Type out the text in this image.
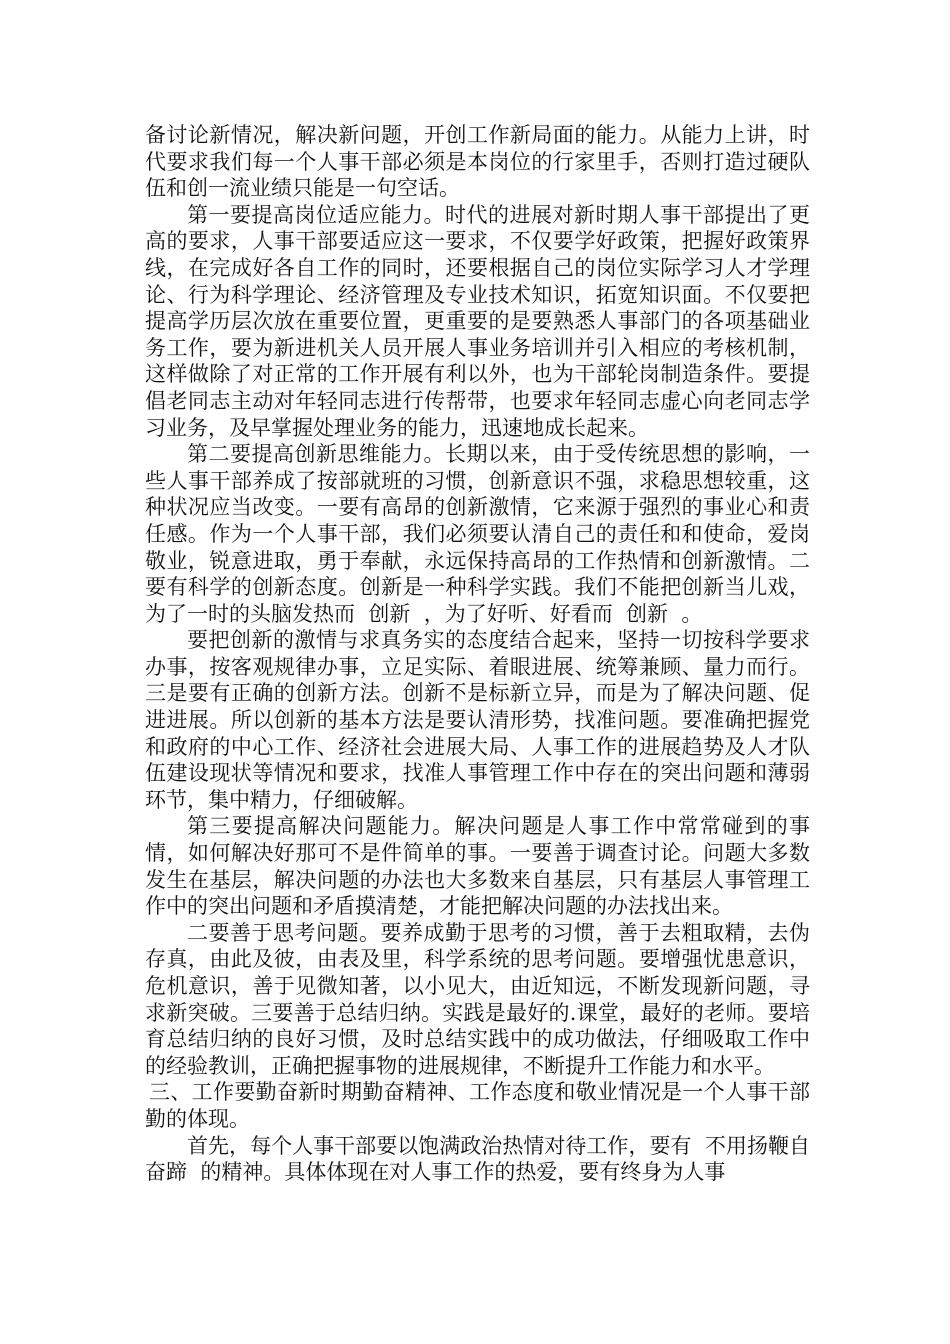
备讨论新情况，解决新问题，开创工作新局面的能力。从能力上讲，时代要求我们每一个人事干部必须是本岗位的行家里手，否则打造过硬队伍和创一流业绩只能是一句空话。

第一要提高岗位适应能力。时代的进展对新时期人事干部提出了更高的要求，人事干部要适应这一要求，不仅要学好政策，把握好政策界线，在完成好各自工作的同时，还要根据自己的岗位实际学习人才学理论、行为科学理论、经济管理及专业技术知识，拓宽知识面。不仅要把提高学历层次放在重要位置，更重要的是要熟悉人事部门的各项基础业务工作，要为新进机关人员开展人事业务培训并引入相应的考核机制，这样做除了对正常的工作开展有利以外，也为干部轮岗制造条件。要提倡老同志主动对年轻同志进行传帮带，也要求年轻同志虚心向老同志学习业务，及早掌握处理业务的能力，迅速地成长起来。

第二要提高创新思维能力。长期以来，由于受传统思想的影响，一些人事干部养成了按部就班的习惯，创新意识不强，求稳思想较重，这种状况应当改变。一要有高昂的创新激情，它来源于强烈的事业心和责任感。作为一个人事干部，我们必须要认清自己的责任和和使命，爱岗敬业，锐意进取，勇于奉献，永远保持高昂的工作热情和创新激情。二要有科学的创新态度。创新是一种科学实践。我们不能把创新当儿戏，为了一时的头脑发热而  创新  ，为了好听、好看而  创新  。

要把创新的激情与求真务实的态度结合起来，坚持一切按科学要求办事，按客观规律办事，立足实际、着眼进展、统筹兼顾、量力而行。三是要有正确的创新方法。创新不是标新立异，而是为了解决问题、促进进展。所以创新的基本方法是要认清形势，找准问题。要准确把握党和政府的中心工作、经济社会进展大局、人事工作的进展趋势及人才队伍建设现状等情况和要求，找准人事管理工作中存在的突出问题和薄弱环节，集中精力，仔细破解。

第三要提高解决问题能力。解决问题是人事工作中常常碰到的事情，如何解决好那可不是件简单的事。一要善于调查讨论。问题大多数发生在基层，解决问题的办法也大多数来自基层，只有基层人事管理工作中的突出问题和矛盾摸清楚，才能把解决问题的办法找出来。

二要善于思考问题。要养成勤于思考的习惯，善于去粗取精，去伪存真，由此及彼，由表及里，科学系统的思考问题。要增强忧患意识，危机意识，善于见微知著，以小见大，由近知远，不断发现新问题，寻求新突破。三要善于总结归纳。实践是最好的.课堂，最好的老师。要培育总结归纳的良好习惯，及时总结实践中的成功做法，仔细吸取工作中的经验教训，正确把握事物的进展规律，不断提升工作能力和水平。

三、工作要勤奋新时期勤奋精神、工作态度和敬业情况是一个人事干部勤的体现。

首先，每个人事干部要以饱满政治热情对待工作，要有  不用扬鞭自奋蹄  的精神。具体体现在对人事工作的热爱，要有终身为人事
